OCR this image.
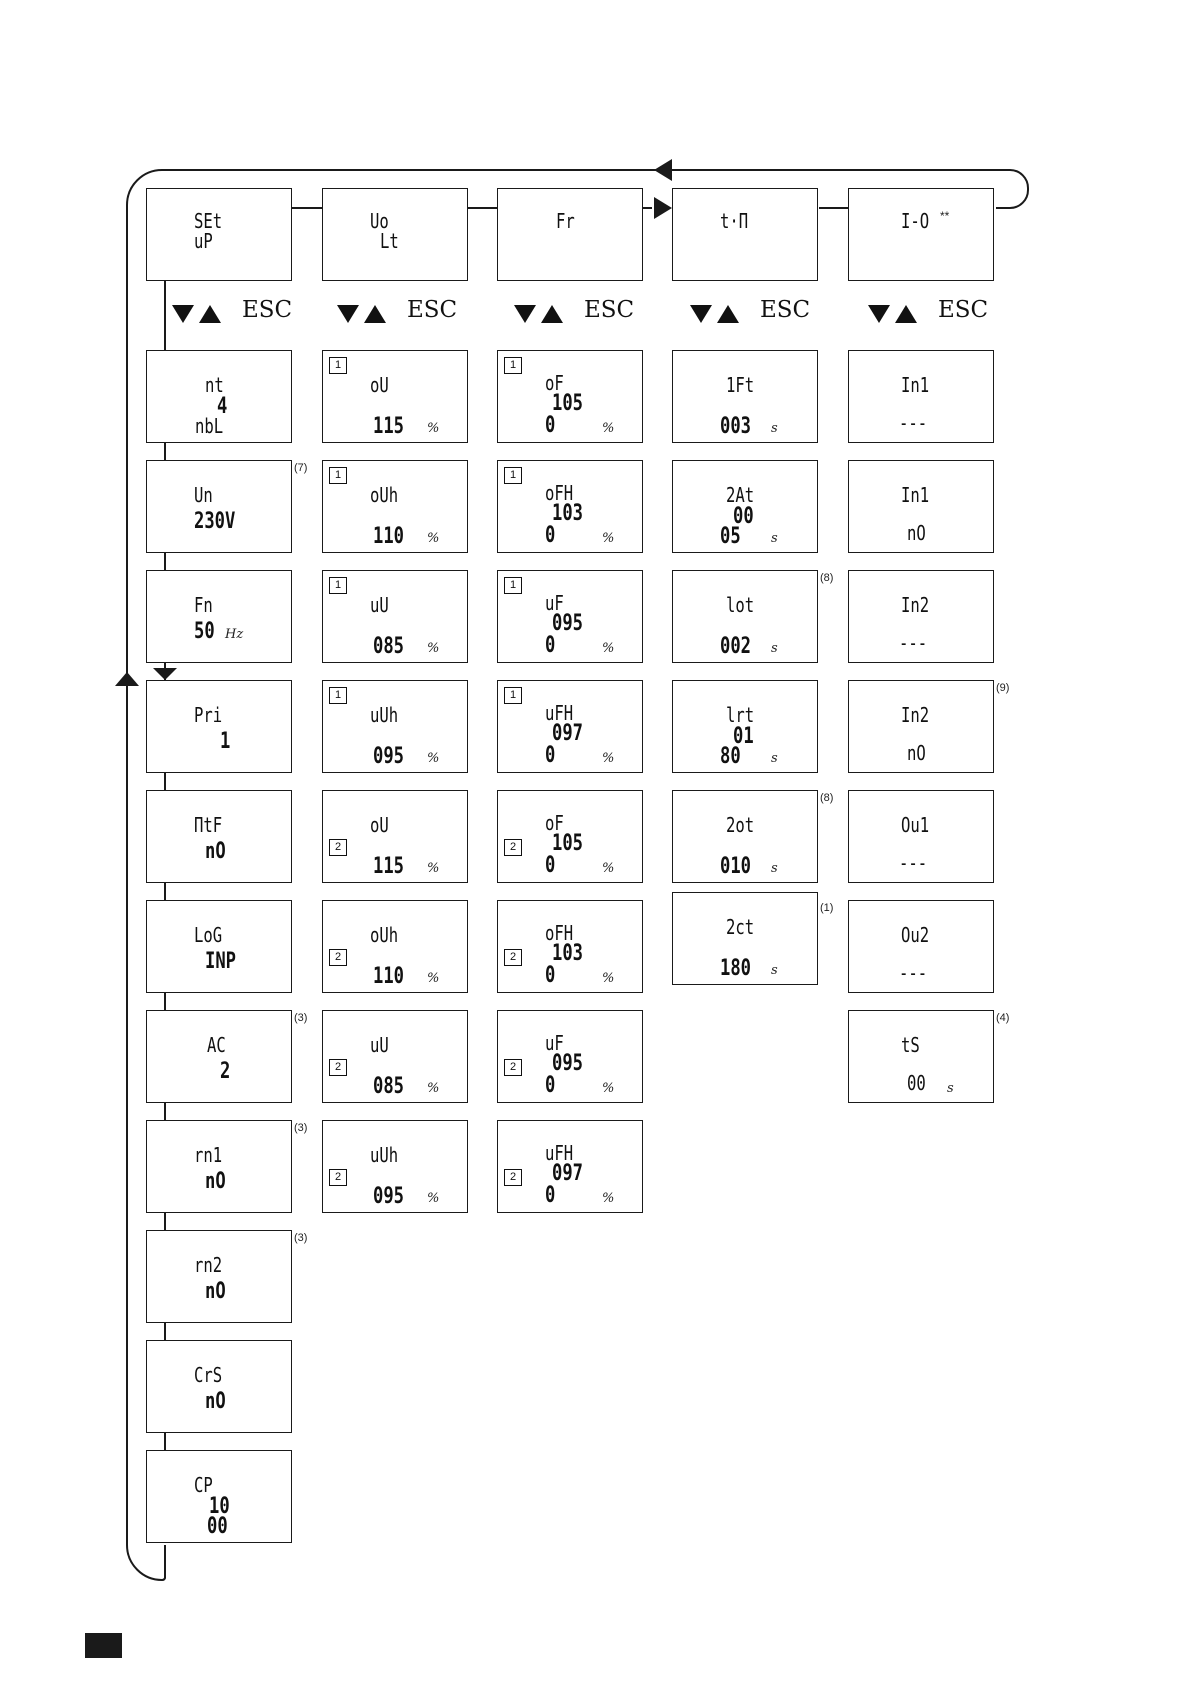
SEt
uP
Uo
Lt
Fr	t·Π	I-O **
ESC	ESC	ESC	ESC	ESC
nt
4
nbL
Un
230V
(7)
Fn
50 Hz
Pri
1
ΠtF
nO
LoG
INP
AC
2
(3)
rn1
nO
(3)
rn2
nO
(3)
CrS
nO
CP
10
00
1
oU
115 %
1
oUh
110 %
1
uU
085 %
1
uUh
095 %
2
oU
115 %
2
oUh
110 %
2
uU
085 %
2
uUh
095 %
1
oF
105
0	%
1
oFH
103
0	%
1
uF
095
0	%
1
uFH
097
0	%
2
oF
105
0	%
2
oFH
103
0	%
2
uF
095
0	%
2
uFH
097
0	%
1Ft
003 s
2At
00
05 s
lot
002 s
(8)
lrt
01
80 s
2ot
010 s
(8)
2ct
180 s
(1)
In1
---
In1
nO
In2
---
In2
nO
(9)
Ou1
---
Ou2
---
tS
00 s
(4)
